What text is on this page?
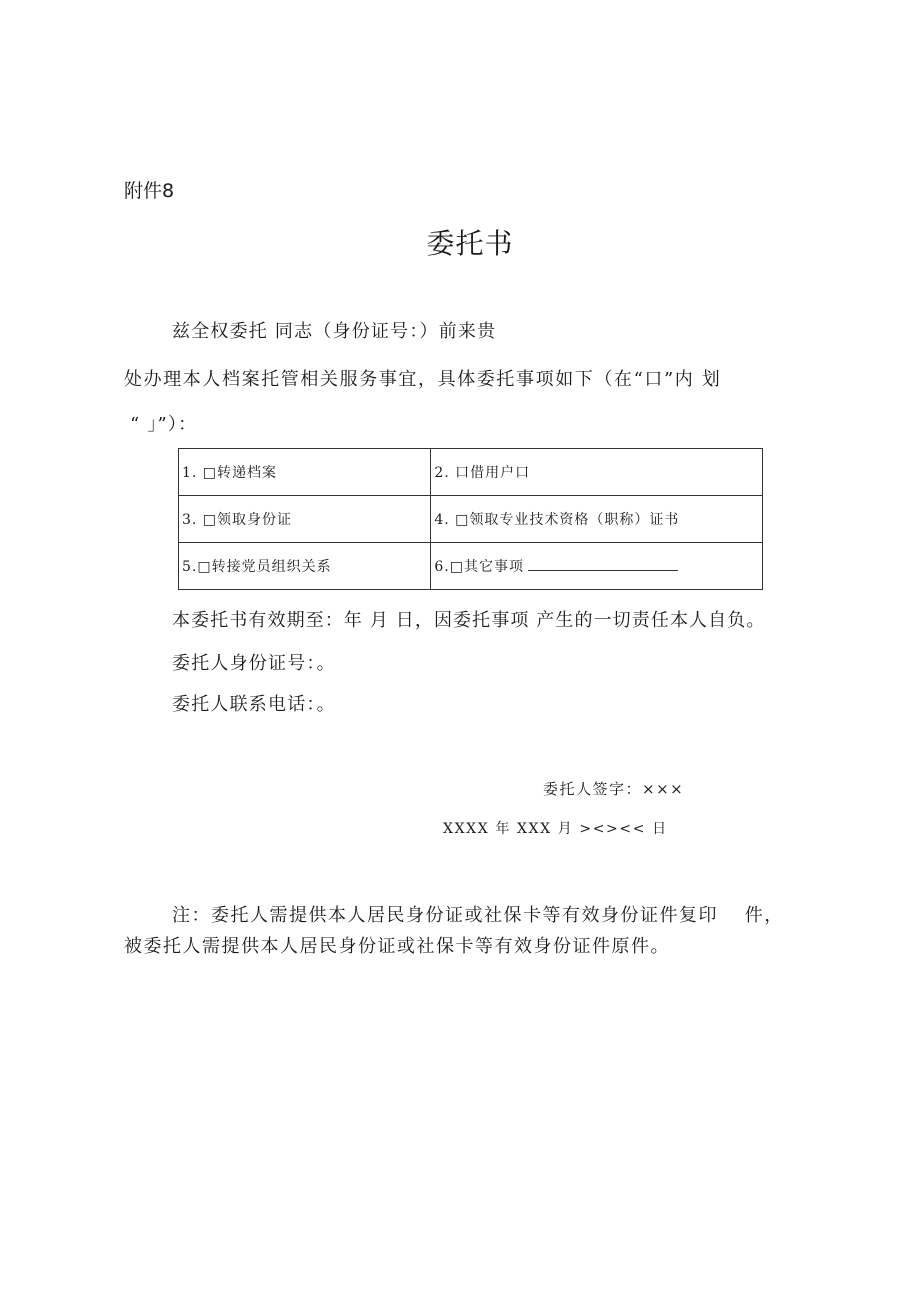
附件8
委托书
兹全权委托 同志（身份证号：）前来贵
处办理本人档案托管相关服务事宜，具体委托事项如下（在“口”内 划
“ 」”）：
1. □转递档案	2. 口借用户口
3. □领取身份证	4. □领取专业技术资格（职称）证书
5.□转接党员组织关系	6.□其它事项
本委托书有效期至：年 月 日，因委托事项 产生的一切责任本人自负。
委托人身份证号：。
委托人联系电话：。
委托人签字：×××
XXXX 年 XXX 月 ><><< 日
注：委托人需提供本人居民身份证或社保卡等有效身份证件复印　 件，
被委托人需提供本人居民身份证或社保卡等有效身份证件原件。
